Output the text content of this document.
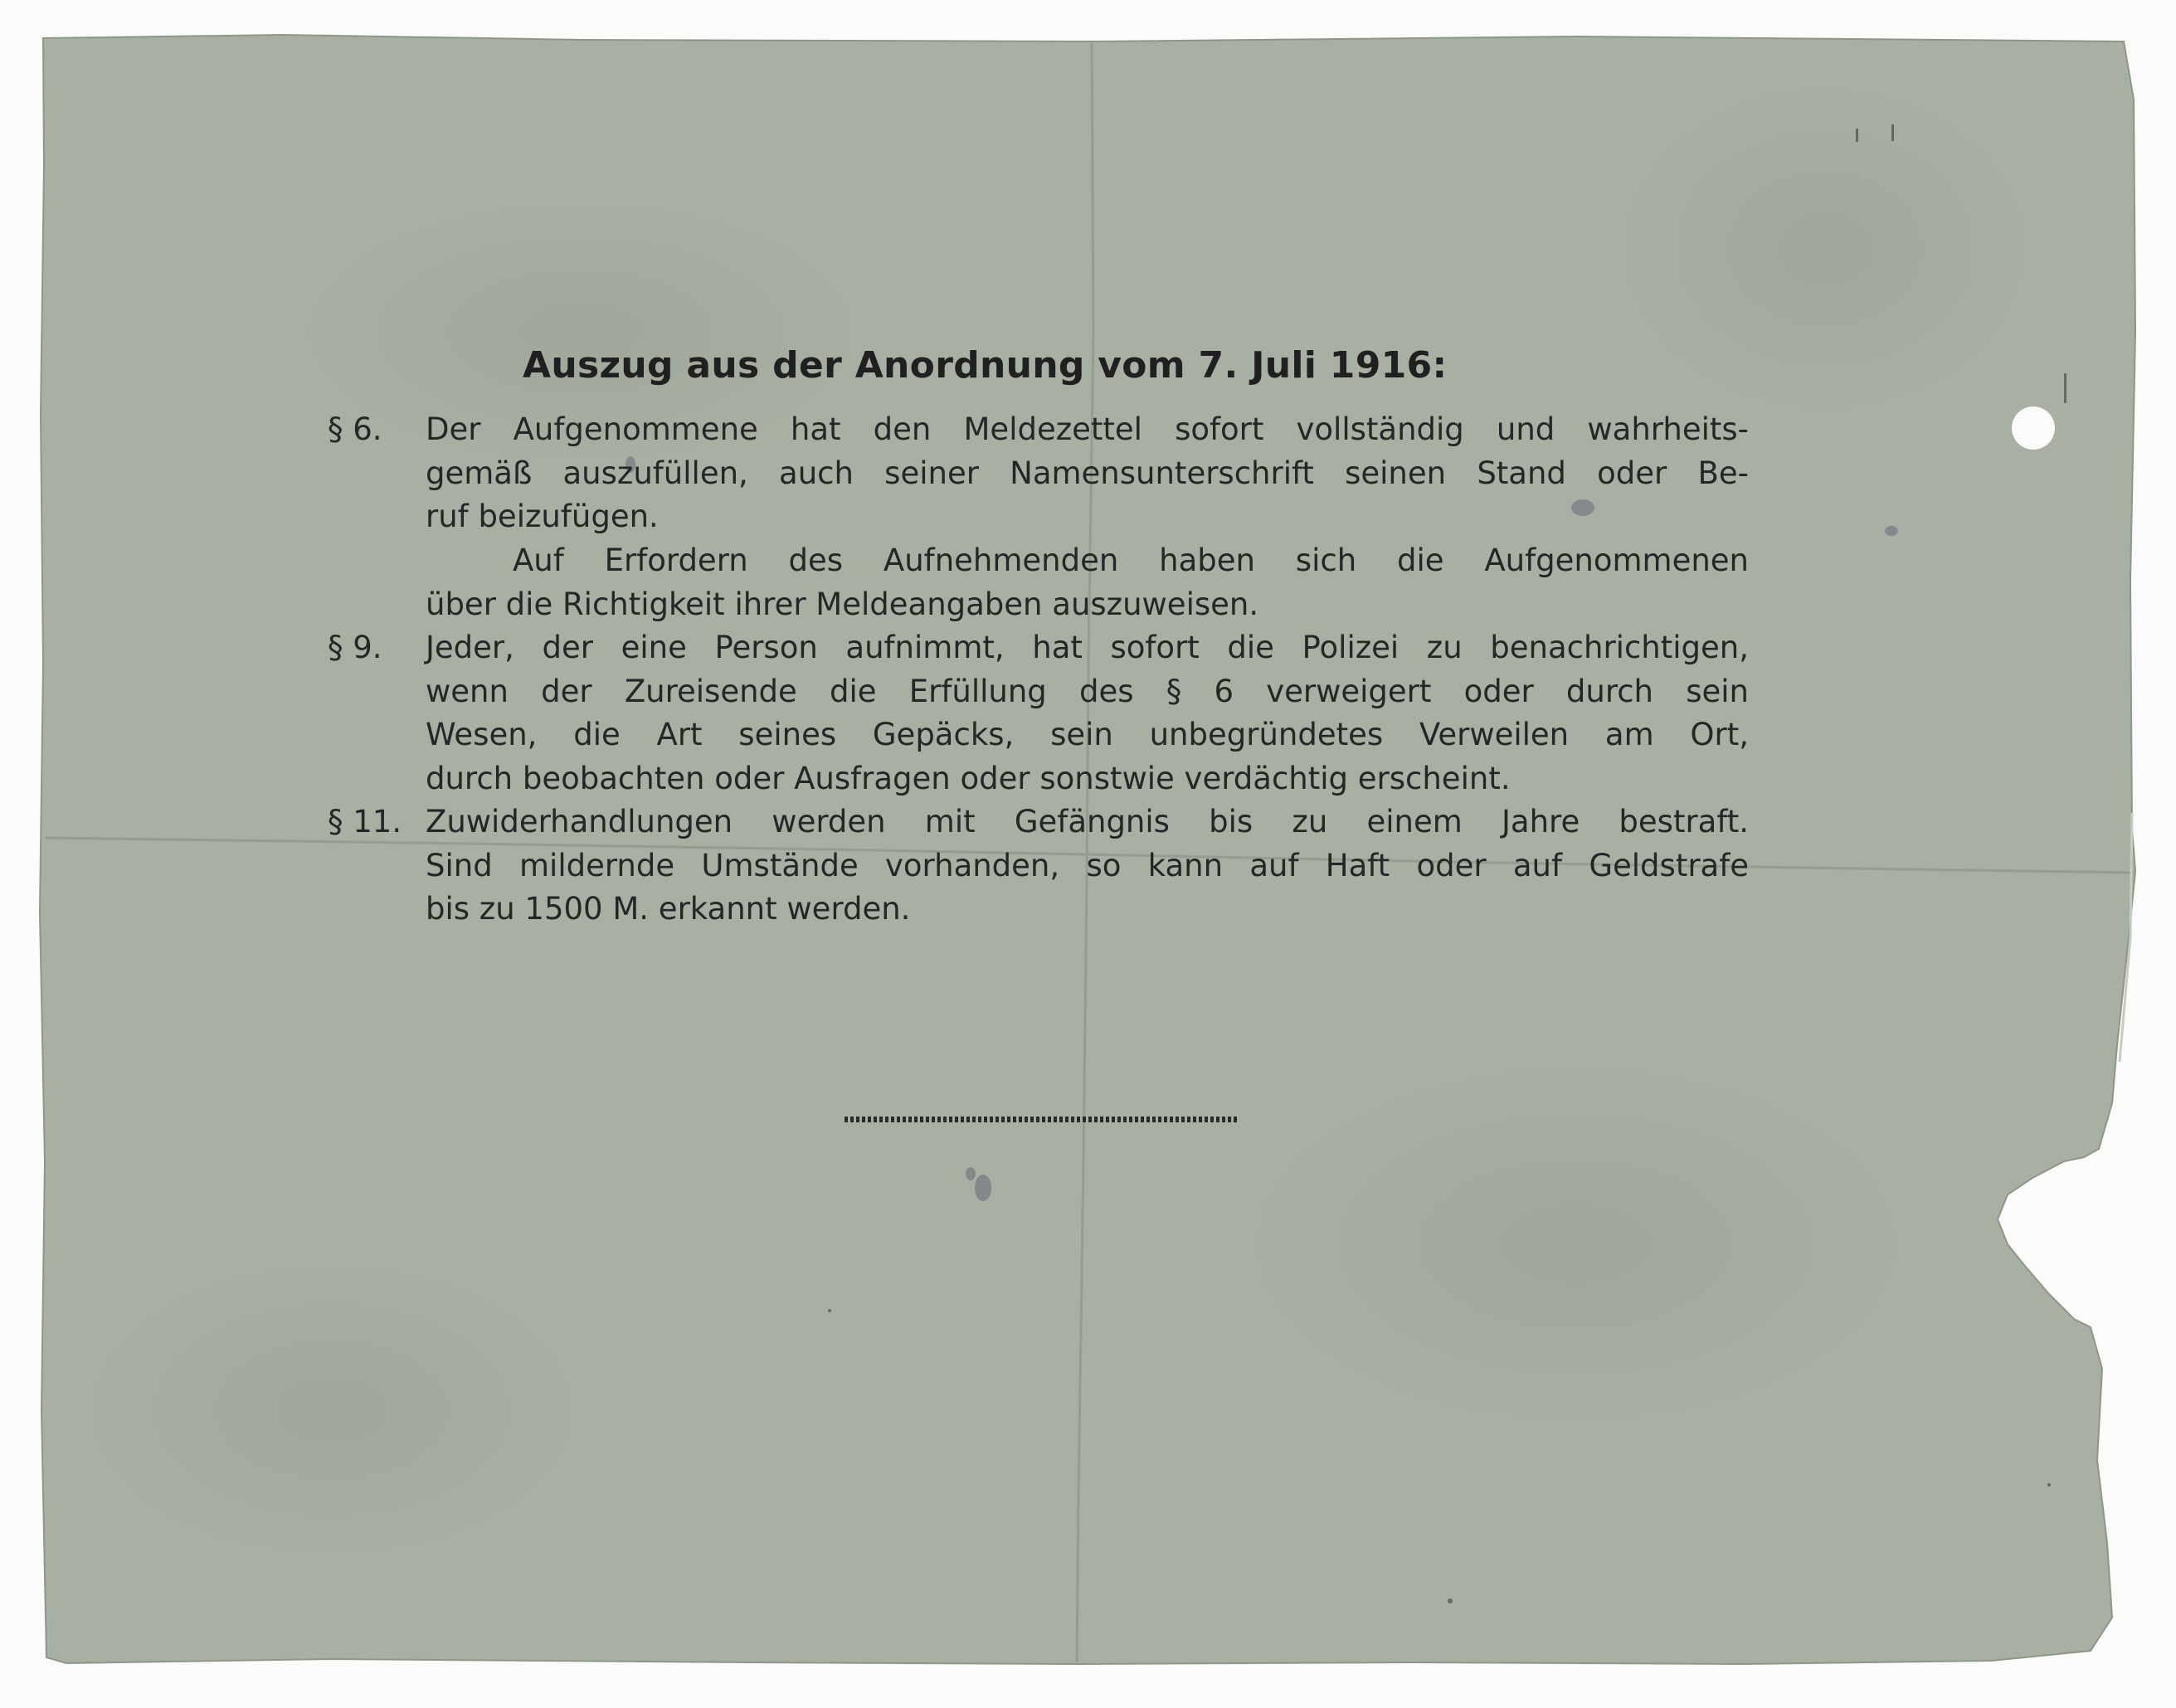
Auszug aus der Anordnung vom 7. Juli 1916:
§ 6. Der Aufgenommene hat den Meldezettel sofort vollständig und wahrheits-
gemäß auszufüllen, auch seiner Namensunterschrift seinen Stand oder Be-
ruf beizufügen.
Auf Erfordern des Aufnehmenden haben sich die Aufgenommenen
über die Richtigkeit ihrer Meldeangaben auszuweisen.
§ 9. Jeder, der eine Person aufnimmt, hat sofort die Polizei zu benachrichtigen,
wenn der Zureisende die Erfüllung des § 6 verweigert oder durch sein
Wesen, die Art seines Gepäcks, sein unbegründetes Verweilen am Ort,
durch beobachten oder Ausfragen oder sonstwie verdächtig erscheint.
§ 11. Zuwiderhandlungen werden mit Gefängnis bis zu einem Jahre bestraft.
Sind mildernde Umstände vorhanden, so kann auf Haft oder auf Geldstrafe
bis zu 1500 M. erkannt werden.
